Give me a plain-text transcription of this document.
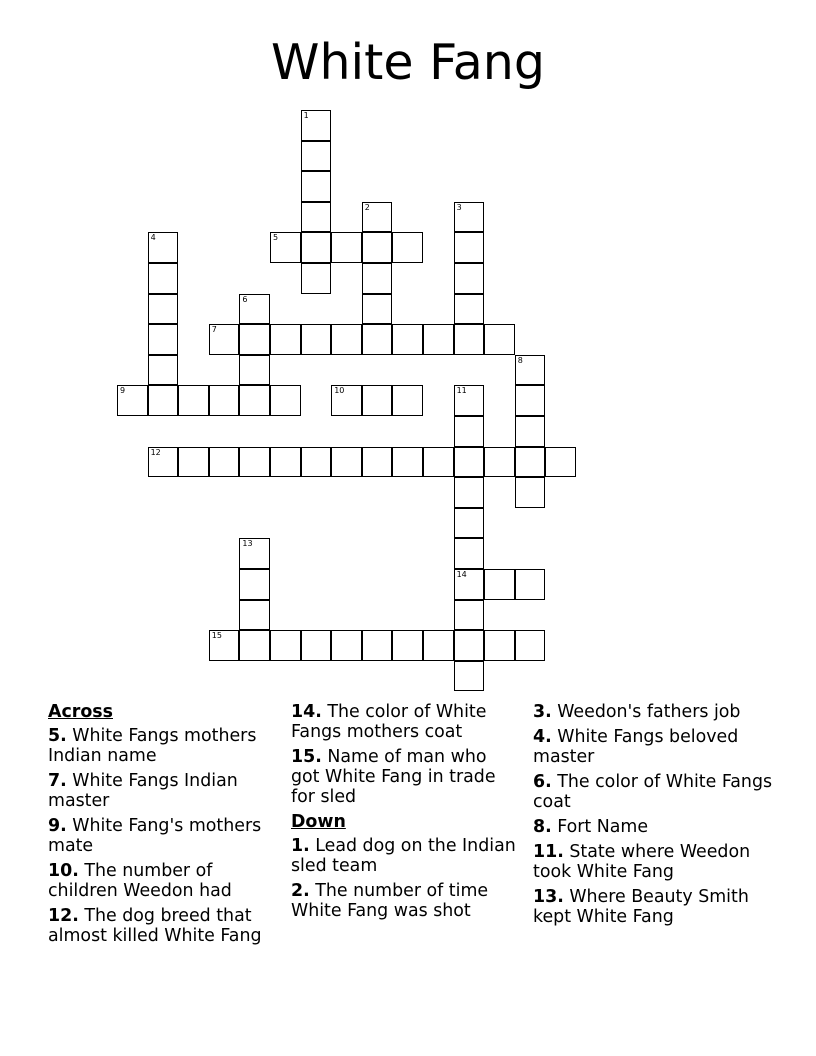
White Fang
1
2	3
4	5
6
7
8
9	10	11
12
13
14
15
Across
5. White Fangs mothers Indian name
7. White Fangs Indian master
9. White Fang's mothers mate
10. The number of children Weedon had
12. The dog breed that almost killed White Fang
14. The color of White Fangs mothers coat
15. Name of man who got White Fang in trade for sled
Down
1. Lead dog on the Indian sled team
2. The number of time White Fang was shot
3. Weedon's fathers job
4. White Fangs beloved master
6. The color of White Fangs coat
8. Fort Name
11. State where Weedon took White Fang
13. Where Beauty Smith kept White Fang
